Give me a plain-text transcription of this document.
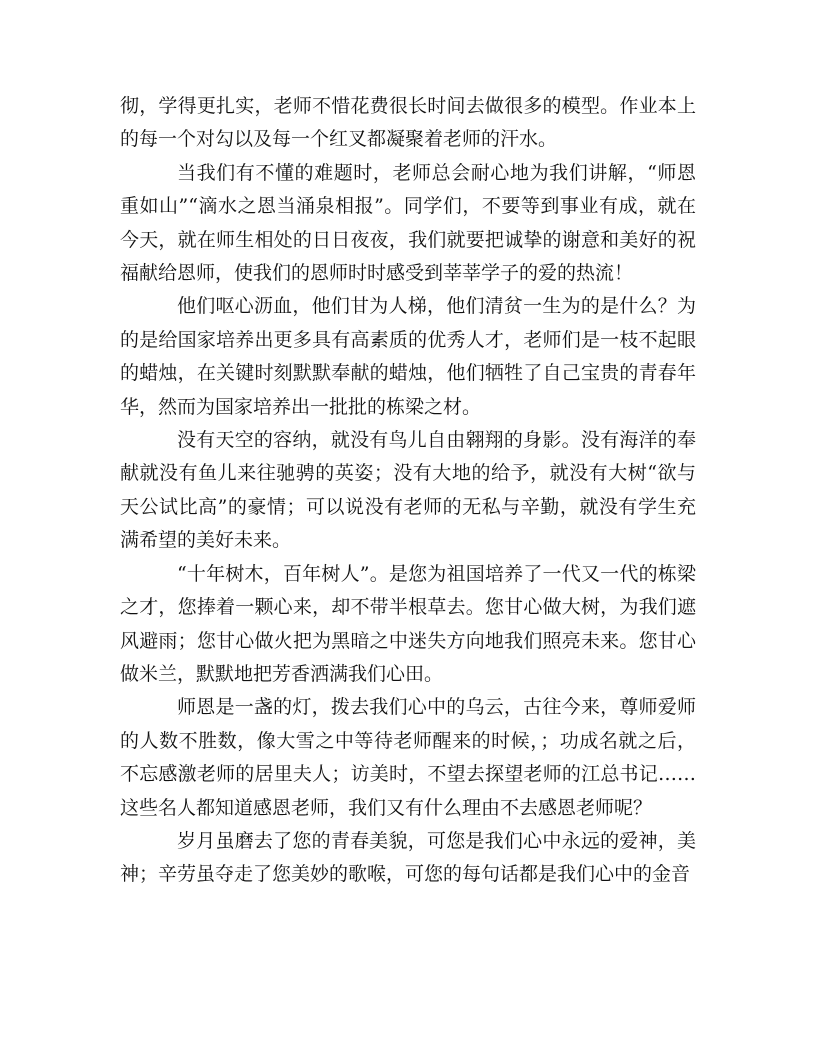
彻，学得更扎实，老师不惜花费很长时间去做很多的模型。作业本上的每一个对勾以及每一个红叉都凝聚着老师的汗水。

当我们有不懂的难题时，老师总会耐心地为我们讲解，“师恩重如山”“滴水之恩当涌泉相报”。同学们，不要等到事业有成，就在今天，就在师生相处的日日夜夜，我们就要把诚挚的谢意和美好的祝福献给恩师，使我们的恩师时时感受到莘莘学子的爱的热流！

他们呕心沥血，他们甘为人梯，他们清贫一生为的是什么？为的是给国家培养出更多具有高素质的优秀人才，老师们是一枝不起眼的蜡烛，在关键时刻默默奉献的蜡烛，他们牺牲了自己宝贵的青春年华，然而为国家培养出一批批的栋梁之材。

没有天空的容纳，就没有鸟儿自由翱翔的身影。没有海洋的奉献就没有鱼儿来往驰骋的英姿；没有大地的给予，就没有大树“欲与天公试比高”的豪情；可以说没有老师的无私与辛勤，就没有学生充满希望的美好未来。

“十年树木，百年树人”。是您为祖国培养了一代又一代的栋梁之才，您捧着一颗心来，却不带半根草去。您甘心做大树，为我们遮风避雨；您甘心做火把为黑暗之中迷失方向地我们照亮未来。您甘心做米兰，默默地把芳香洒满我们心田。

师恩是一盏的灯，拨去我们心中的乌云，古往今来，尊师爱师的人数不胜数，像大雪之中等待老师醒来的时候，；功成名就之后，不忘感激老师的居里夫人；访美时，不望去探望老师的江总书记……这些名人都知道感恩老师，我们又有什么理由不去感恩老师呢？

岁月虽磨去了您的青春美貌，可您是我们心中永远的爱神，美神；辛劳虽夺走了您美妙的歌喉，可您的每句话都是我们心中的金音
